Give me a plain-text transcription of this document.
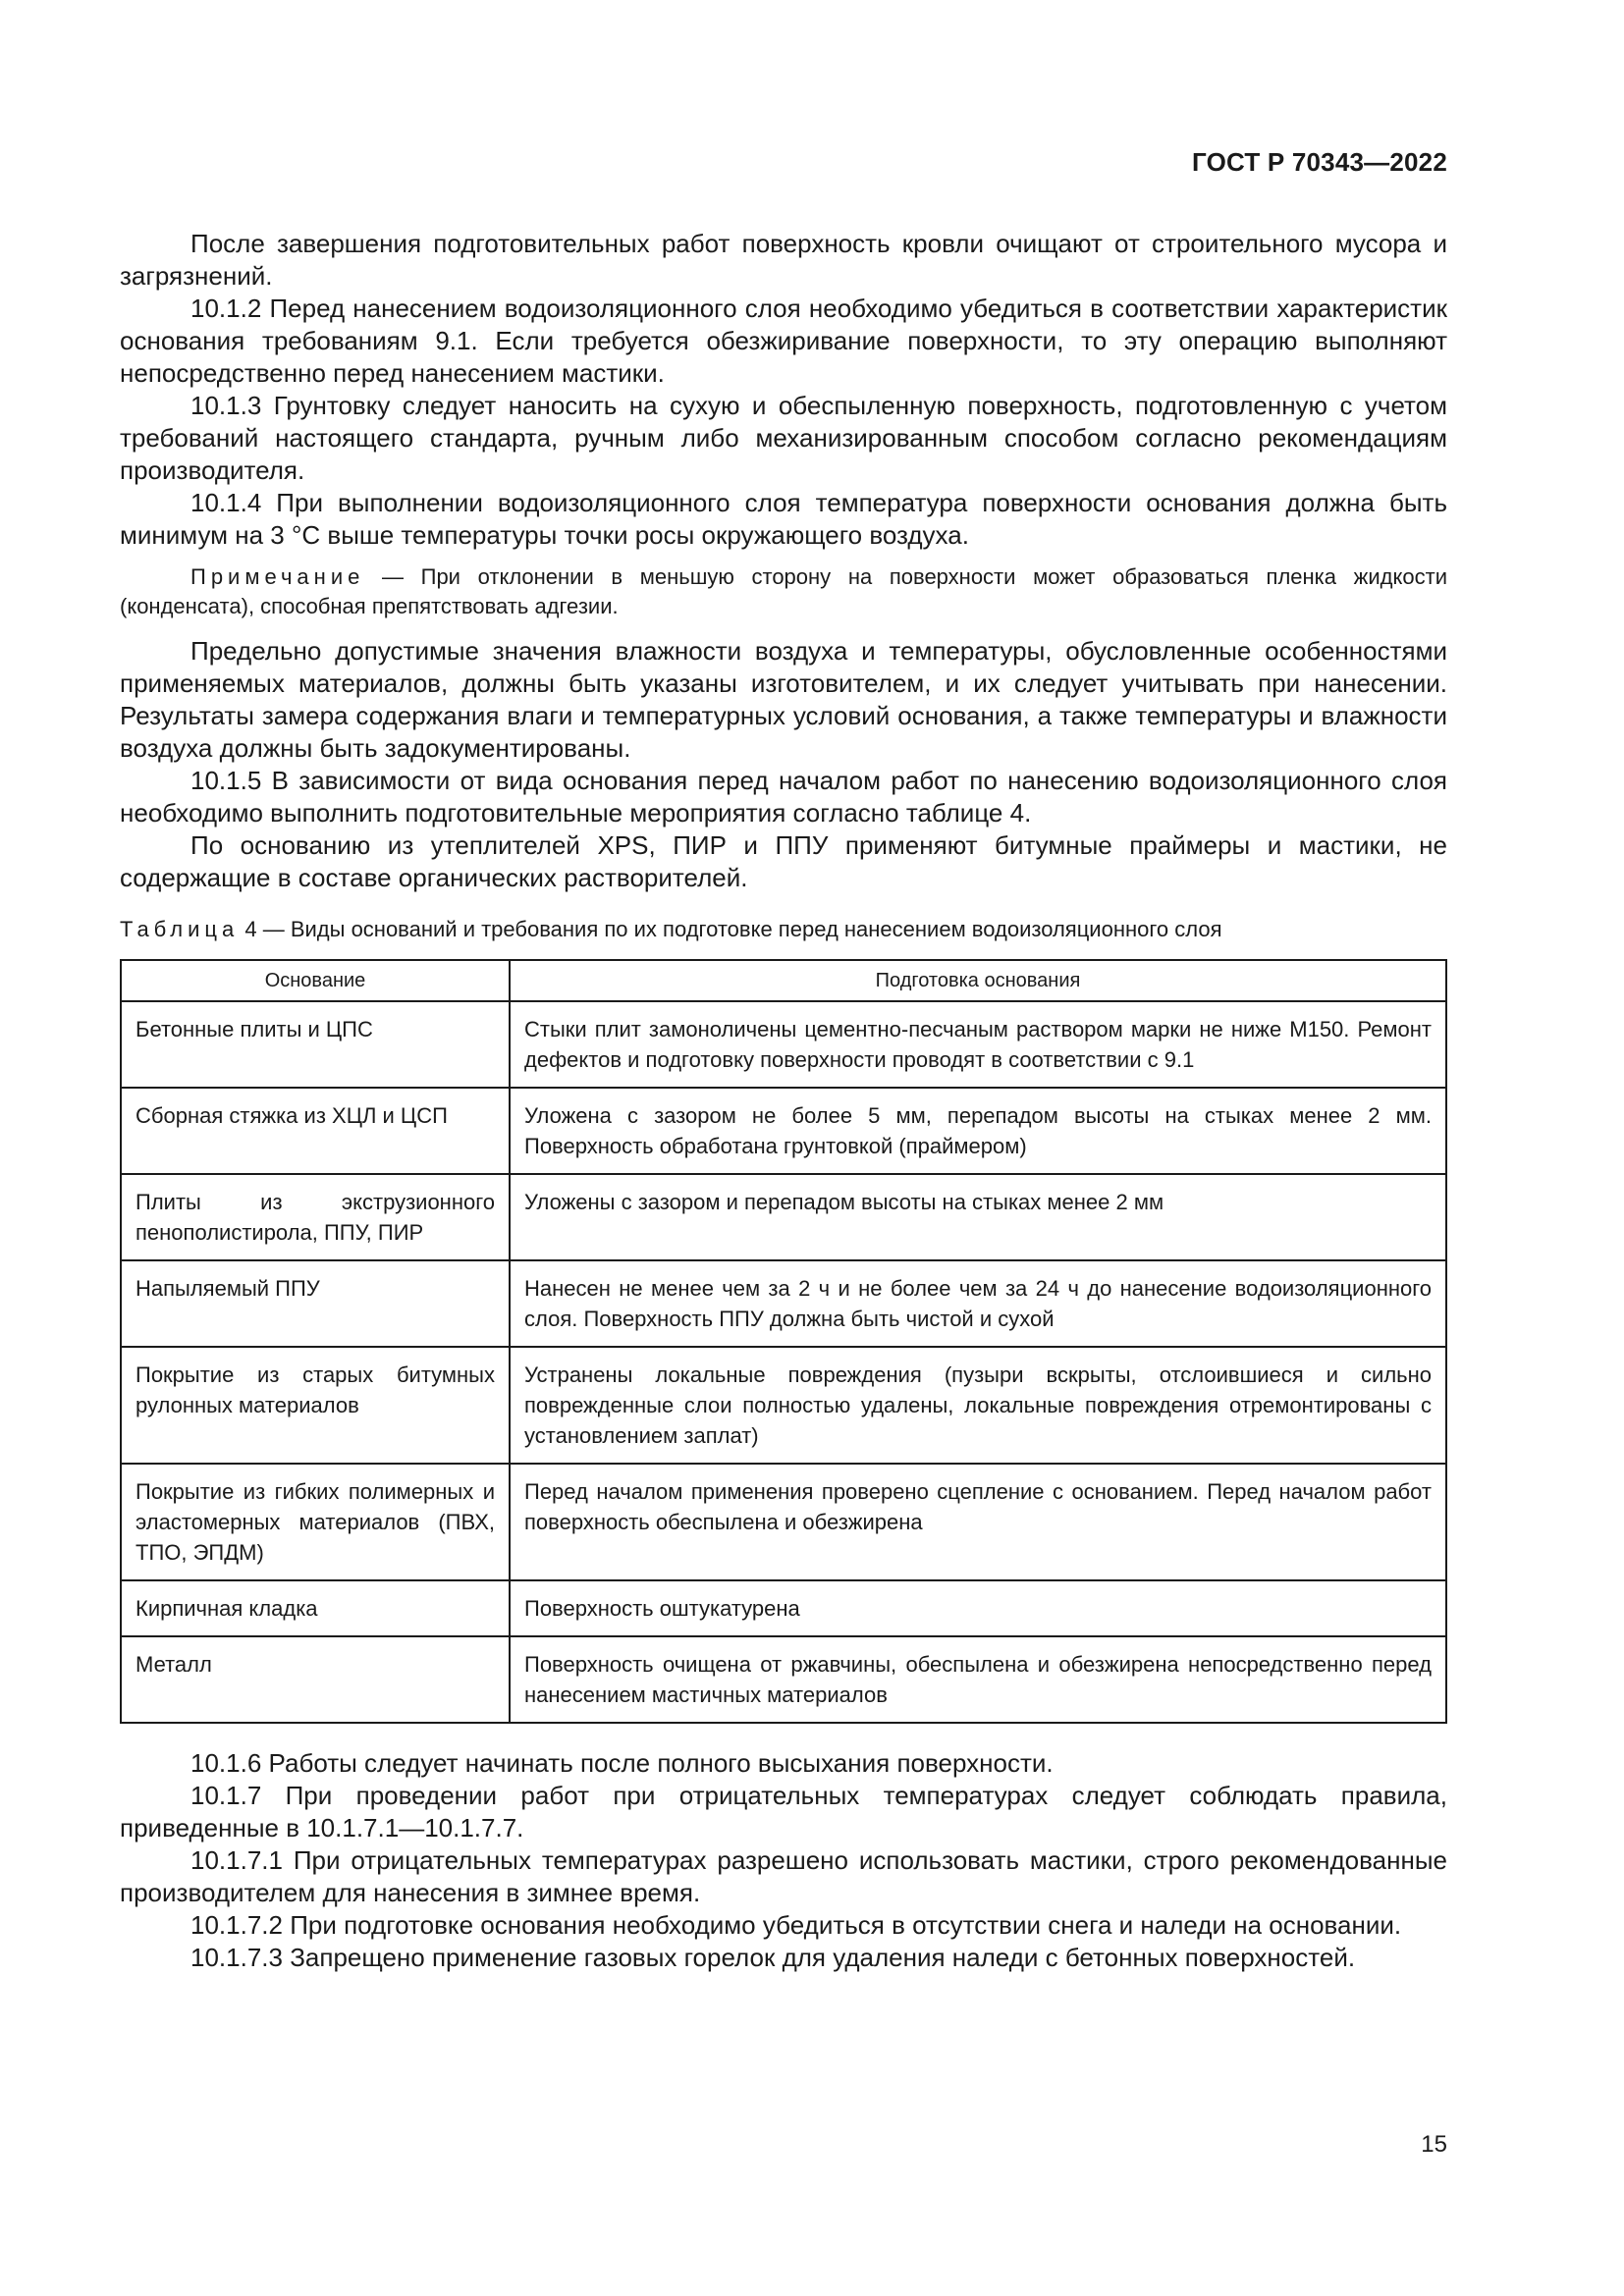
ГОСТ Р 70343—2022

После завершения подготовительных работ поверхность кровли очищают от строительного мусора и загрязнений.

10.1.2 Перед нанесением водоизоляционного слоя необходимо убедиться в соответствии характеристик основания требованиям 9.1. Если требуется обезжиривание поверхности, то эту операцию выполняют непосредственно перед нанесением мастики.

10.1.3 Грунтовку следует наносить на сухую и обеспыленную поверхность, подготовленную с учетом требований настоящего стандарта, ручным либо механизированным способом согласно рекомендациям производителя.

10.1.4 При выполнении водоизоляционного слоя температура поверхности основания должна быть минимум на 3 °С выше температуры точки росы окружающего воздуха.

Примечание — При отклонении в меньшую сторону на поверхности может образоваться пленка жидкости (конденсата), способная препятствовать адгезии.

Предельно допустимые значения влажности воздуха и температуры, обусловленные особенностями применяемых материалов, должны быть указаны изготовителем, и их следует учитывать при нанесении. Результаты замера содержания влаги и температурных условий основания, а также температуры и влажности воздуха должны быть задокументированы.

10.1.5 В зависимости от вида основания перед началом работ по нанесению водоизоляционного слоя необходимо выполнить подготовительные мероприятия согласно таблице 4.

По основанию из утеплителей XPS, ПИР и ППУ применяют битумные праймеры и мастики, не содержащие в составе органических растворителей.

Таблица 4 — Виды оснований и требования по их подготовке перед нанесением водоизоляционного слоя
Основание	Подготовка основания
Бетонные плиты и ЦПС	Стыки плит замоноличены цементно-песчаным раствором марки не ниже М150. Ремонт дефектов и подготовку поверхности проводят в соответствии с 9.1
Сборная стяжка из ХЦЛ и ЦСП	Уложена с зазором не более 5 мм, перепадом высоты на стыках менее 2 мм. Поверхность обработана грунтовкой (праймером)
Плиты из экструзионного пенополистирола, ППУ, ПИР	Уложены с зазором и перепадом высоты на стыках менее 2 мм
Напыляемый ППУ	Нанесен не менее чем за 2 ч и не более чем за 24 ч до нанесение водоизоляционного слоя. Поверхность ППУ должна быть чистой и сухой
Покрытие из старых битумных рулонных материалов	Устранены локальные повреждения (пузыри вскрыты, отслоившиеся и сильно поврежденные слои полностью удалены, локальные повреждения отремонтированы с установлением заплат)
Покрытие из гибких полимерных и эластомерных материалов (ПВХ, ТПО, ЭПДМ)	Перед началом применения проверено сцепление с основанием. Перед началом работ поверхность обеспылена и обезжирена
Кирпичная кладка	Поверхность оштукатурена
Металл	Поверхность очищена от ржавчины, обеспылена и обезжирена непосредственно перед нанесением мастичных материалов

10.1.6 Работы следует начинать после полного высыхания поверхности.

10.1.7 При проведении работ при отрицательных температурах следует соблюдать правила, приведенные в 10.1.7.1—10.1.7.7.

10.1.7.1 При отрицательных температурах разрешено использовать мастики, строго рекомендованные производителем для нанесения в зимнее время.

10.1.7.2 При подготовке основания необходимо убедиться в отсутствии снега и наледи на основании.

10.1.7.3 Запрещено применение газовых горелок для удаления наледи с бетонных поверхностей.

15
